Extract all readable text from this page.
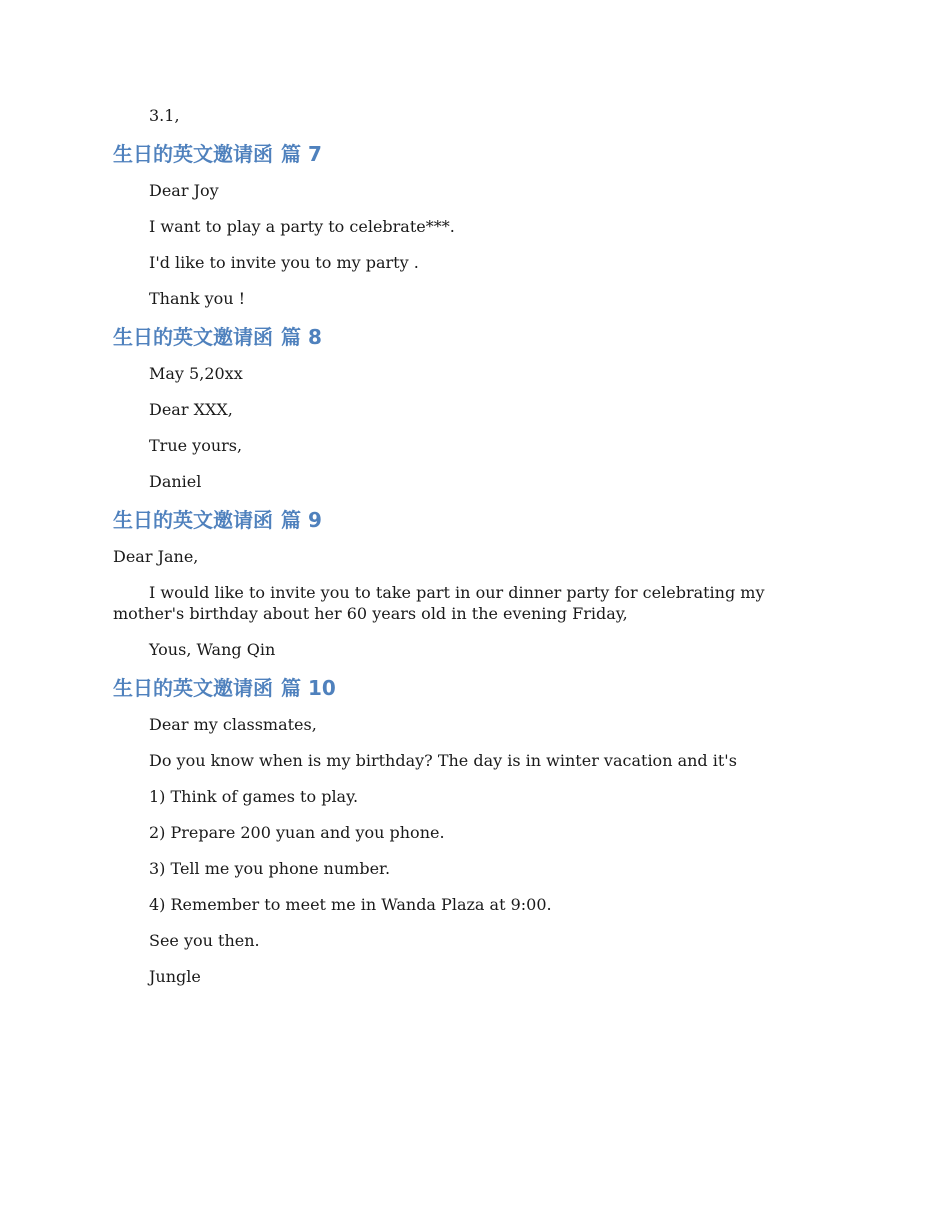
3.1,

生日的英文邀请函 篇 7

Dear Joy

I want to play a party to celebrate***.

I'd like to invite you to my party .

Thank you !

生日的英文邀请函 篇 8

May 5,20xx

Dear XXX,

True yours,

Daniel

生日的英文邀请函 篇 9

Dear Jane,

I would like to invite you to take part in our dinner party for celebrating my mother's birthday about her 60 years old in the evening Friday,

Yous, Wang Qin

生日的英文邀请函 篇 10

Dear my classmates,

Do you know when is my birthday? The day is in winter vacation and it's

1) Think of games to play.

2) Prepare 200 yuan and you phone.

3) Tell me you phone number.

4) Remember to meet me in Wanda Plaza at 9:00.

See you then.

Jungle
